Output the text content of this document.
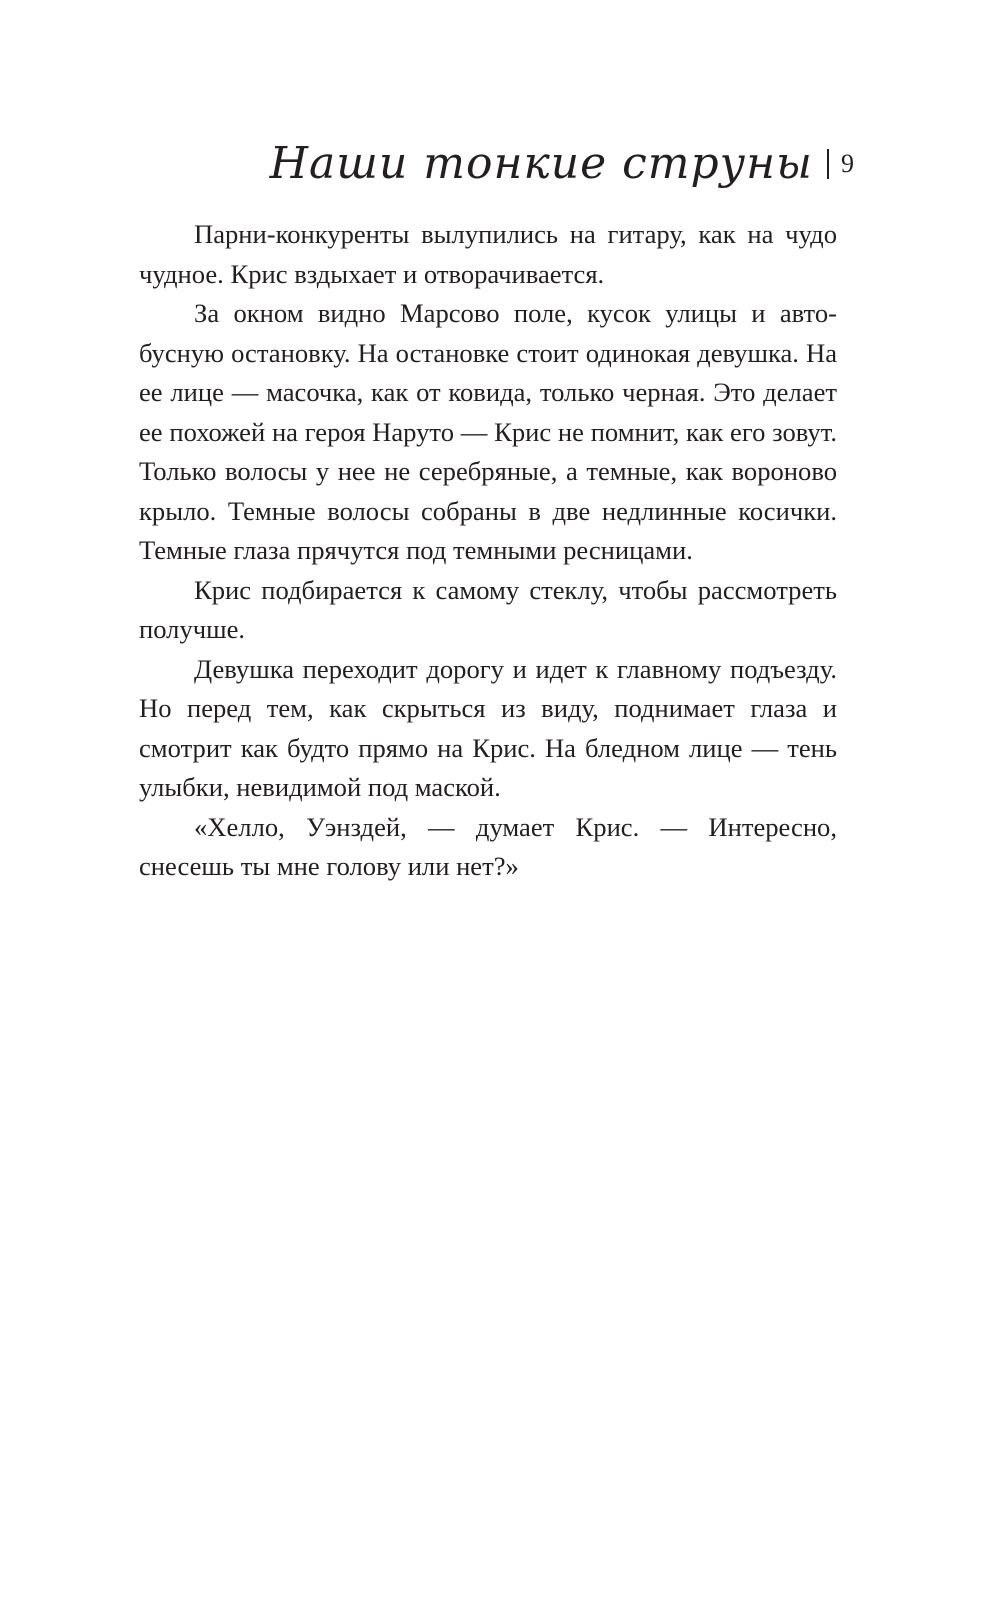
Наши тонкие струны 9

Парни-конкуренты вылупились на гитару, как на чудо чудное. Крис вздыхает и отворачивается.

За окном видно Марсово поле, кусок улицы и автобусную остановку. На остановке стоит одинокая девушка. На ее лице — масочка, как от ковида, только черная. Это делает ее похожей на героя Наруто — Крис не помнит, как его зовут. Только волосы у нее не серебряные, а темные, как вороново крыло. Темные волосы собраны в две недлинные косички. Темные глаза прячутся под темными ресницами.

Крис подбирается к самому стеклу, чтобы рассмотреть получше.

Девушка переходит дорогу и идет к главному подъезду. Но перед тем, как скрыться из виду, поднимает глаза и смотрит как будто прямо на Крис. На бледном лице — тень улыбки, невидимой под маской.

«Хелло, Уэнздей, — думает Крис. — Интересно, снесешь ты мне голову или нет?»
